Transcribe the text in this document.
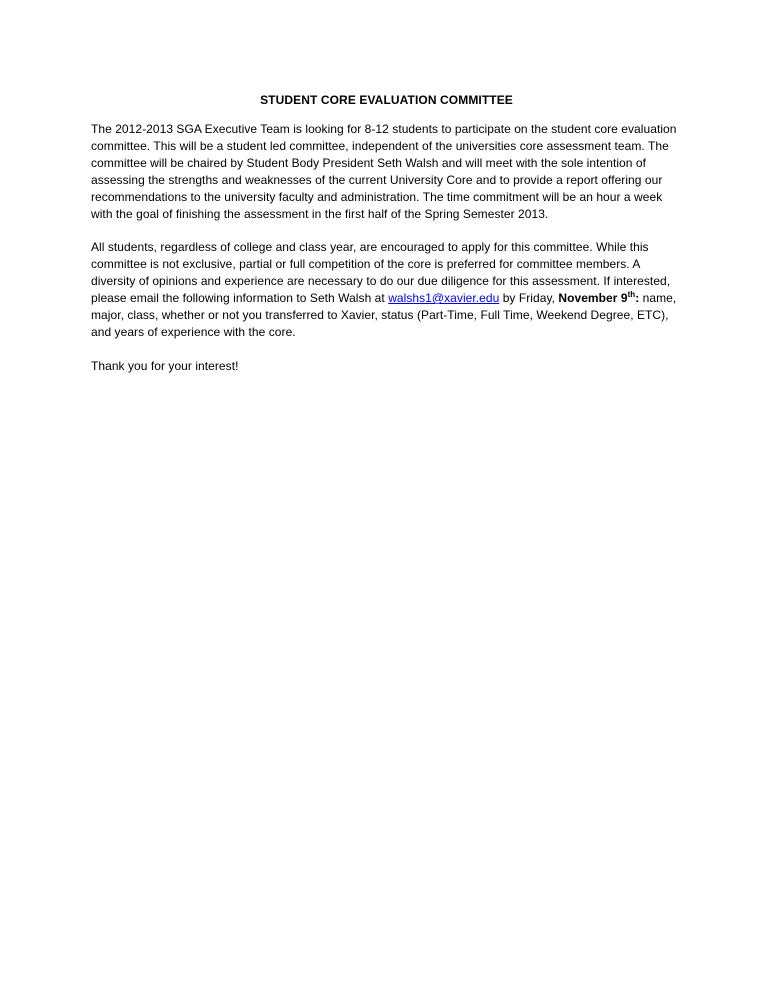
STUDENT CORE EVALUATION COMMITTEE

The 2012-2013 SGA Executive Team is looking for 8-12 students to participate on the student core evaluation committee. This will be a student led committee, independent of the universities core assessment team. The committee will be chaired by Student Body President Seth Walsh and will meet with the sole intention of assessing the strengths and weaknesses of the current University Core and to provide a report offering our recommendations to the university faculty and administration. The time commitment will be an hour a week with the goal of finishing the assessment in the first half of the Spring Semester 2013.

All students, regardless of college and class year, are encouraged to apply for this committee. While this committee is not exclusive, partial or full competition of the core is preferred for committee members. A diversity of opinions and experience are necessary to do our due diligence for this assessment. If interested, please email the following information to Seth Walsh at walshs1@xavier.edu by Friday, November 9th: name, major, class, whether or not you transferred to Xavier, status (Part-Time, Full Time, Weekend Degree, ETC), and years of experience with the core.

Thank you for your interest!
